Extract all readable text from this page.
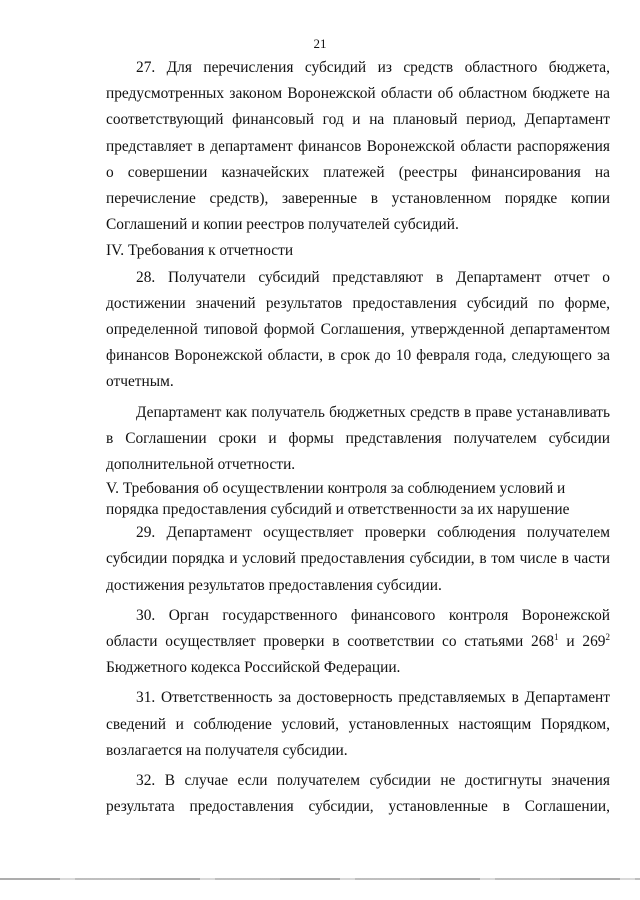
21

27. Для перечисления субсидий из средств областного бюджета, предусмотренных законом Воронежской области об областном бюджете на соответствующий финансовый год и на плановый период, Департамент представляет в департамент финансов Воронежской области распоряжения о совершении казначейских платежей (реестры финансирования на перечисление средств), заверенные в установленном порядке копии Соглашений и копии реестров получателей субсидий.

IV. Требования к отчетности

28. Получатели субсидий представляют в Департамент отчет о достижении значений результатов предоставления субсидий по форме, определенной типовой формой Соглашения, утвержденной департаментом финансов Воронежской области, в срок до 10 февраля года, следующего за отчетным.

Департамент как получатель бюджетных средств в праве устанавливать в Соглашении сроки и формы представления получателем субсидии дополнительной отчетности.

V. Требования об осуществлении контроля за соблюдением условий и
порядка предоставления субсидий и ответственности за их нарушение

29. Департамент осуществляет проверки соблюдения получателем субсидии порядка и условий предоставления субсидии, в том числе в части достижения результатов предоставления субсидии.

30. Орган государственного финансового контроля Воронежской области осуществляет проверки в соответствии со статьями $268^1$ и $269^2$ Бюджетного кодекса Российской Федерации.

31. Ответственность за достоверность представляемых в Департамент сведений и соблюдение условий, установленных настоящим Порядком, возлагается на получателя субсидии.

32. В случае если получателем субсидии не достигнуты значения результата предоставления субсидии, установленные в Соглашении,
